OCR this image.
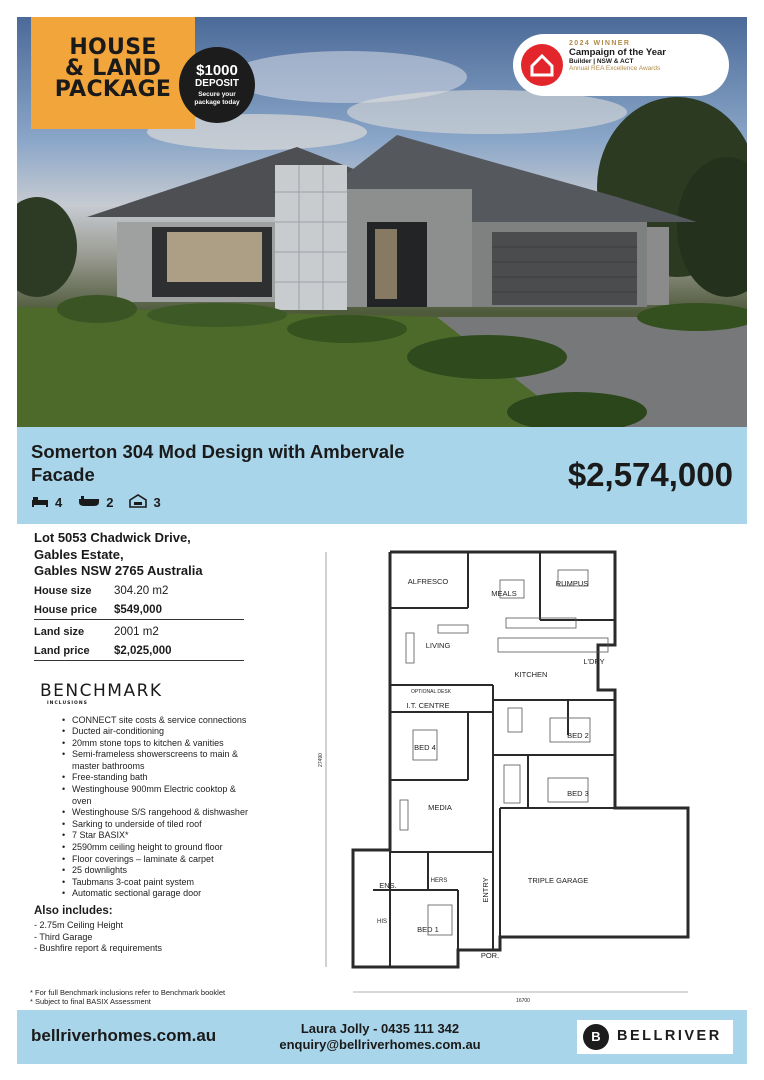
HOUSE
& LAND
PACKAGE
$1000
DEPOSIT
Secure your
package today
2024 WINNER
Campaign of the Year
Builder | NSW & ACT
Annual REA Excellence Awards
Somerton 304 Mod Design with Ambervale Facade	$2,574,000
4	2	3
Lot 5053 Chadwick Drive,
Gables Estate,
Gables NSW 2765 Australia
House size 304.20 m2
House price $549,000
Land size	2001 m2
Land price $2,025,000
BENCHMARK
INCLUSIONS
• CONNECT site costs & service connections
• Ducted air-conditioning
• 20mm stone tops to kitchen & vanities
• Semi-frameless showerscreens to main & master bathrooms
• Free-standing bath
• Westinghouse 900mm Electric cooktop & oven
• Westinghouse S/S rangehood & dishwasher
• Sarking to underside of tiled roof
• 7 Star BASIX*
• 2590mm ceiling height to ground floor
• Floor coverings – laminate & carpet
• 25 downlights
• Taubmans 3-coat paint system
• Automatic sectional garage door
Also includes:
- 2.75m Ceiling Height
- Third Garage
- Bushfire report & requirements
* For full Benchmark inclusions refer to Benchmark booklet
* Subject to final BASIX Assessment
ALFRESCO
MEALS
RUMPUS
LIVING
L'DRY
KITCHEN
OPTIONAL DESK
I.T. CENTRE
BED 4
BED 2
BED 3
MEDIA
ENS.	HERS	ENTRY	TRIPLE GARAGE
HIS
BED 1
POR.
16700
27490
bellriverhomes.com.au	Laura Jolly - 0435 111 342
enquiry@bellriverhomes.com.au
B	BELLRIVER
